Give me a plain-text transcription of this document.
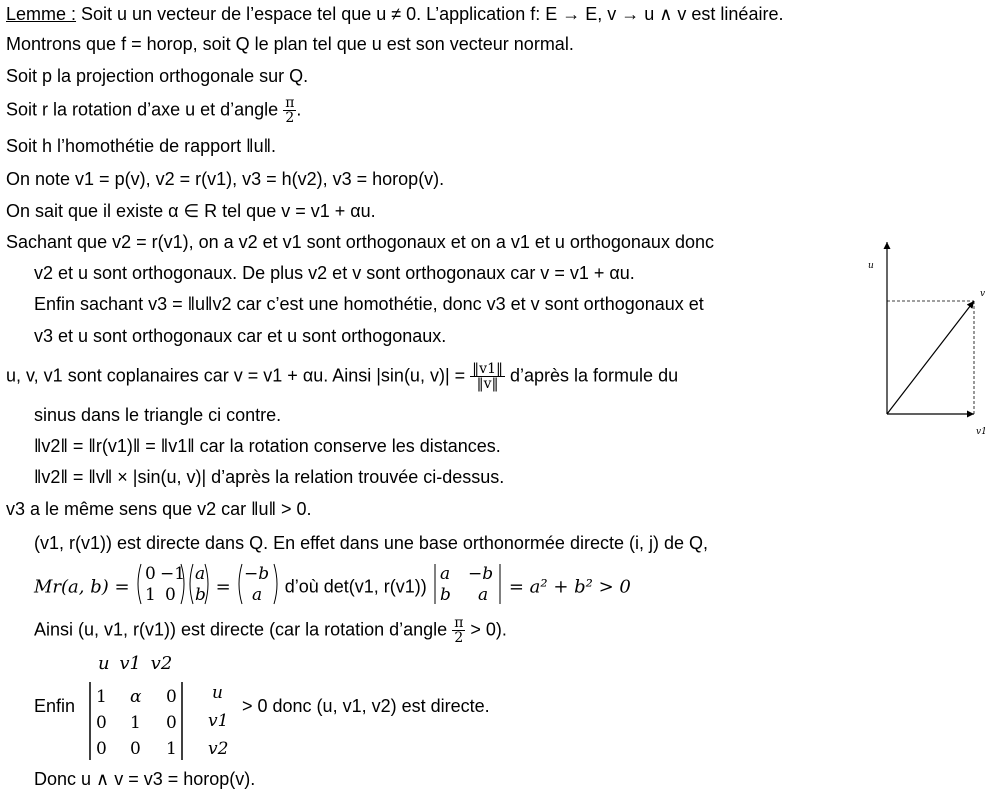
Lemme : Soit u un vecteur de l’espace tel que u ≠ 0. L’application f: E → E, v → u ∧ v est linéaire.
Montrons que f = horop, soit Q le plan tel que u est son vecteur normal.
Soit p la projection orthogonale sur Q.
Soit r la rotation d’axe u et d’angle $\frac{\pi}{2}$ .
Soit h l’homothétie de rapport ‖u‖.
On note v1 = p(v), v2 = r(v1), v3 = h(v2), v3 = horop(v).
On sait que il existe α ∈ R tel que v = v1 + αu.
Sachant que v2 = r(v1), on a v2 et v1 sont orthogonaux et on a v1 et u orthogonaux donc
v2 et u sont orthogonaux. De plus v2 et v sont orthogonaux car v = v1 + αu.
Enfin sachant v3 = ‖u‖v2 car c’est une homothétie, donc v3 et v sont orthogonaux et
v3 et u sont orthogonaux car et u sont orthogonaux.
u, v, v1 sont coplanaires car v = v1 + αu. Ainsi |sin(u, $v)| = \frac{‖v1‖}{‖v‖}$ d’après la formule du
sinus dans le triangle ci contre.
‖v2‖ = ‖r(v1)‖ = ‖v1‖ car la rotation conserve les distances.
‖v2‖ = ‖v‖ × |sin(u, v)| d’après la relation trouvée ci-dessus.
v3 a le même sens que v2 car ‖u‖ > 0.
(v1, r(v1)) est directe dans Q. En effet dans une base orthonormée directe (i, j) de Q,
Mr(a, b) =
0 −1
1 0
a
b =
−b
a d’où det(v1, r(v1))
a −b
b a = a² + b² > 0
Ainsi (u, v1, r(v1)) est directe (car la rotation d’angle $\frac{\pi}{2} > 0$).
u v1 v2
Enfin 1 α 0
0 1 0
0 0 1
u
v1
v2
> 0 donc (u, v1, v2) est directe.
Donc u ∧ v = v3 = horop(v).
u
v
v1
